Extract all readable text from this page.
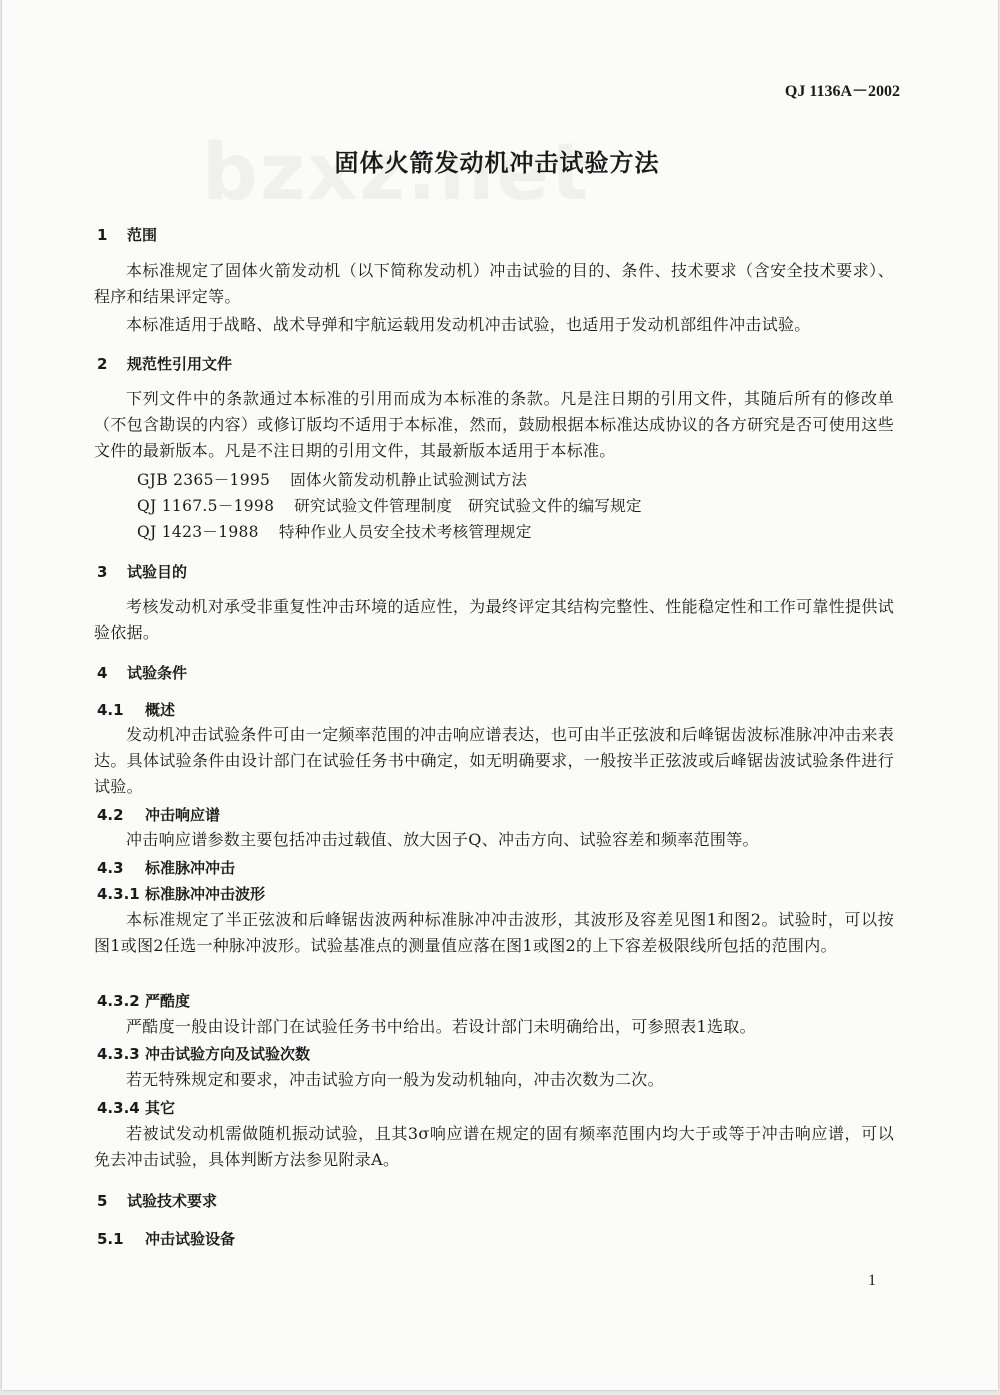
QJ 1136A－2002
固体火箭发动机冲击试验方法
1 范围
本标准规定了固体火箭发动机（以下简称发动机）冲击试验的目的、条件、技术要求（含安全技术要求）、程序和结果评定等。
本标准适用于战略、战术导弹和宇航运载用发动机冲击试验，也适用于发动机部组件冲击试验。
2 规范性引用文件
下列文件中的条款通过本标准的引用而成为本标准的条款。凡是注日期的引用文件，其随后所有的修改单（不包含勘误的内容）或修订版均不适用于本标准，然而，鼓励根据本标准达成协议的各方研究是否可使用这些文件的最新版本。凡是不注日期的引用文件，其最新版本适用于本标准。
GJB 2365－1995 固体火箭发动机静止试验测试方法
QJ 1167.5－1998 研究试验文件管理制度　研究试验文件的编写规定
QJ 1423－1988 特种作业人员安全技术考核管理规定
3 试验目的
考核发动机对承受非重复性冲击环境的适应性，为最终评定其结构完整性、性能稳定性和工作可靠性提供试验依据。
4 试验条件
4.1 概述
发动机冲击试验条件可由一定频率范围的冲击响应谱表达，也可由半正弦波和后峰锯齿波标准脉冲冲击来表达。具体试验条件由设计部门在试验任务书中确定，如无明确要求，一般按半正弦波或后峰锯齿波试验条件进行试验。
4.2 冲击响应谱
冲击响应谱参数主要包括冲击过载值、放大因子Q、冲击方向、试验容差和频率范围等。
4.3 标准脉冲冲击
4.3.1 标准脉冲冲击波形
本标准规定了半正弦波和后峰锯齿波两种标准脉冲冲击波形，其波形及容差见图1和图2。试验时，可以按图1或图2任选一种脉冲波形。试验基准点的测量值应落在图1或图2的上下容差极限线所包括的范围内。
4.3.2 严酷度
严酷度一般由设计部门在试验任务书中给出。若设计部门未明确给出，可参照表1选取。
4.3.3 冲击试验方向及试验次数
若无特殊规定和要求，冲击试验方向一般为发动机轴向，冲击次数为二次。
4.3.4 其它
若被试发动机需做随机振动试验，且其3σ响应谱在规定的固有频率范围内均大于或等于冲击响应谱，可以免去冲击试验，具体判断方法参见附录A。
5 试验技术要求
5.1 冲击试验设备
1
